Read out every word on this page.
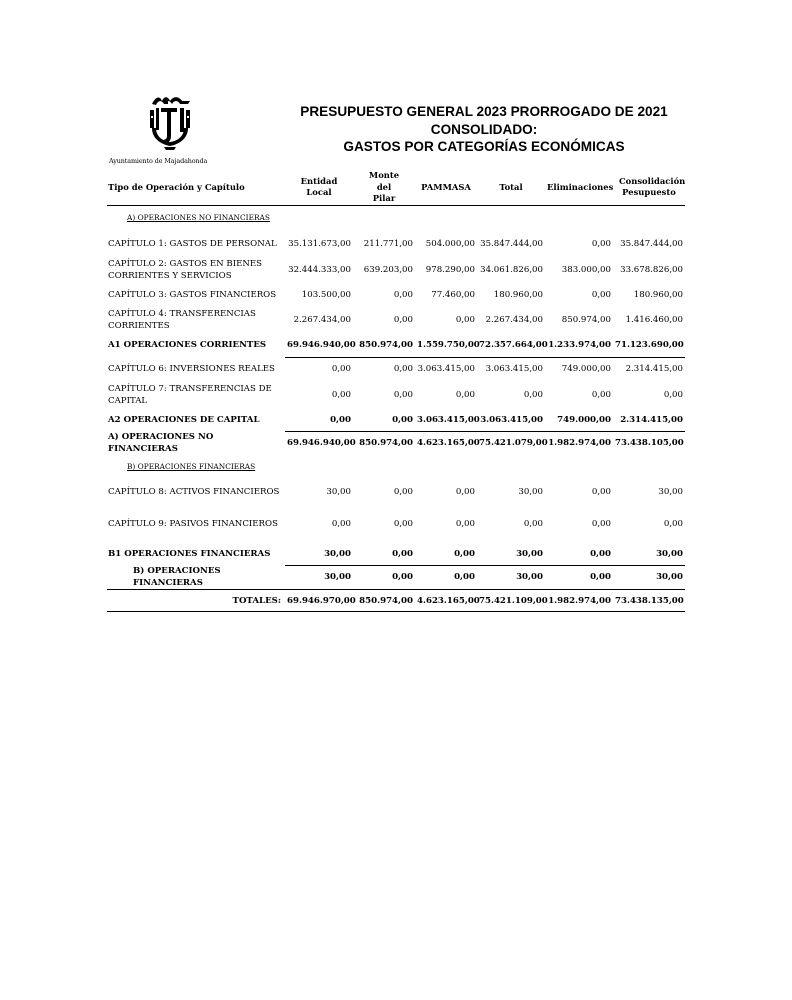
Ayuntamiento de Majadahonda
PRESUPUESTO GENERAL 2023 PRORROGADO DE 2021
CONSOLIDADO:
GASTOS POR CATEGORÍAS ECONÓMICAS
Tipo de Operación y Capítulo	Entidad Local	Monte del Pilar	PAMMASA	Total	Eliminaciones	Consolidación Pesupuesto
A) OPERACIONES NO FINANCIERAS						
CAPÍTULO 1: GASTOS DE PERSONAL	35.131.673,00	211.771,00	504.000,00	35.847.444,00	0,00	35.847.444,00
CAPÍTULO 2: GASTOS EN BIENES CORRIENTES Y SERVICIOS	32.444.333,00	639.203,00	978.290,00	34.061.826,00	383.000,00	33.678.826,00
CAPÍTULO 3: GASTOS FINANCIEROS	103.500,00	0,00	77.460,00	180.960,00	0,00	180.960,00
CAPÍTULO 4: TRANSFERENCIAS CORRIENTES	2.267.434,00	0,00	0,00	2.267.434,00	850.974,00	1.416.460,00
A1 OPERACIONES CORRIENTES	69.946.940,00	850.974,00	1.559.750,00	72.357.664,00	1.233.974,00	71.123.690,00
CAPÍTULO 6: INVERSIONES REALES	0,00	0,00	3.063.415,00	3.063.415,00	749.000,00	2.314.415,00
CAPÍTULO 7: TRANSFERENCIAS DE CAPITAL	0,00	0,00	0,00	0,00	0,00	0,00
A2 OPERACIONES DE CAPITAL	0,00	0,00	3.063.415,00	3.063.415,00	749.000,00	2.314.415,00
A) OPERACIONES NO FINANCIERAS	69.946.940,00	850.974,00	4.623.165,00	75.421.079,00	1.982.974,00	73.438.105,00
B) OPERACIONES FINANCIERAS						
CAPÍTULO 8: ACTIVOS FINANCIEROS	30,00	0,00	0,00	30,00	0,00	30,00
CAPÍTULO 9: PASIVOS FINANCIEROS	0,00	0,00	0,00	0,00	0,00	0,00
B1 OPERACIONES FINANCIERAS	30,00	0,00	0,00	30,00	0,00	30,00
B) OPERACIONES FINANCIERAS	30,00	0,00	0,00	30,00	0,00	30,00
TOTALES:	69.946.970,00	850.974,00	4.623.165,00	75.421.109,00	1.982.974,00	73.438.135,00
